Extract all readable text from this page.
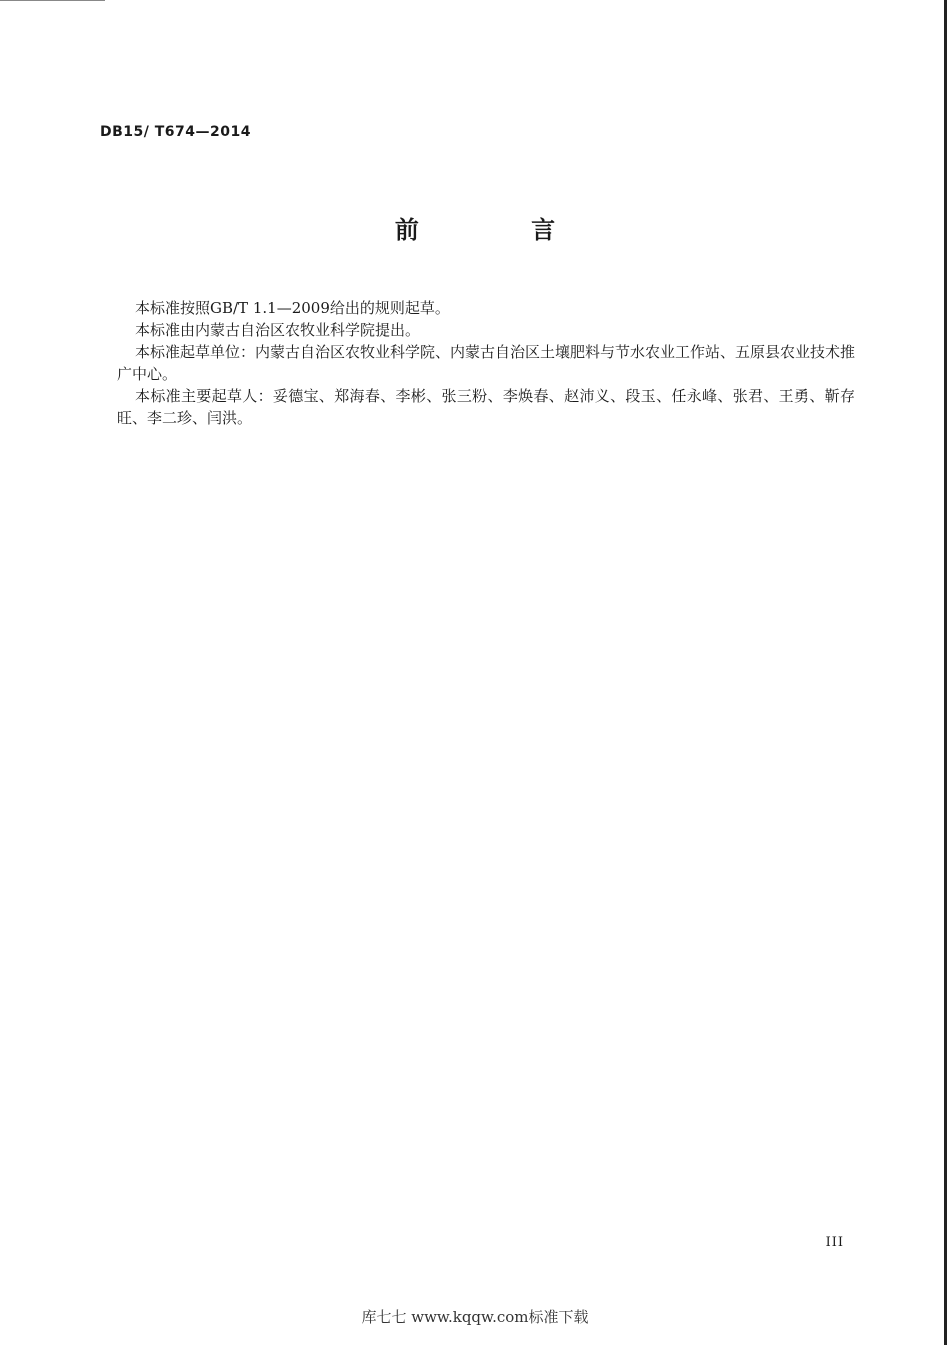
DB15/ T674—2014
前 言

本标准按照GB/T 1.1—2009给出的规则起草。

本标准由内蒙古自治区农牧业科学院提出。

本标准起草单位：内蒙古自治区农牧业科学院、内蒙古自治区土壤肥料与节水农业工作站、五原县农业技术推广中心。

本标准主要起草人：妥德宝、郑海春、李彬、张三粉、李焕春、赵沛义、段玉、任永峰、张君、王勇、靳存旺、李二珍、闫洪。

III
库七七 www.kqqw.com标准下载
